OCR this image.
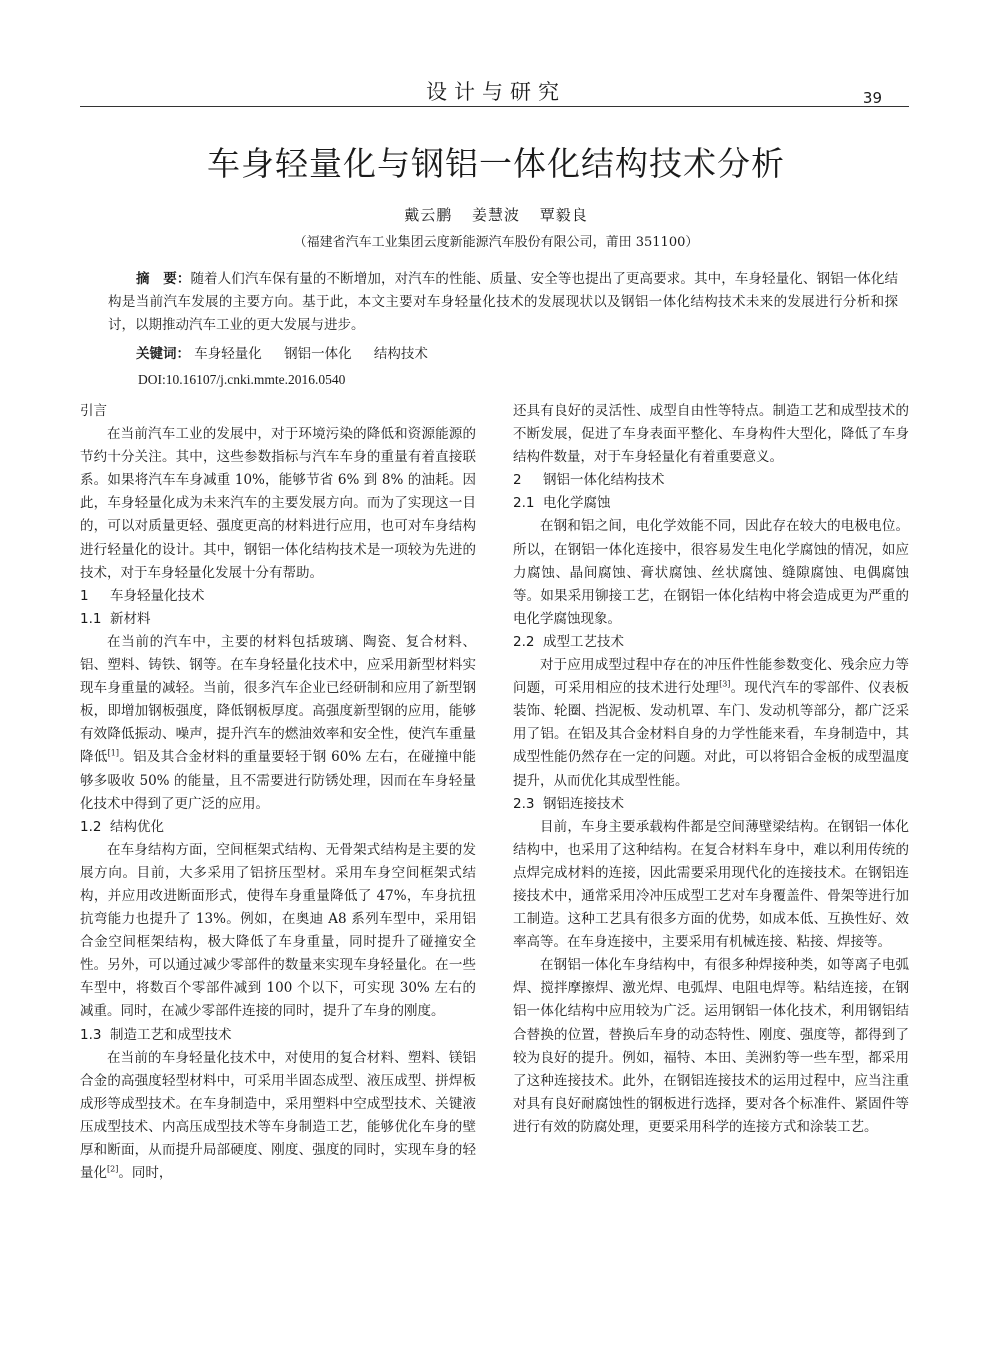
设计与研究	39
车身轻量化与钢铝一体化结构技术分析
戴云鹏 姜慧波 覃毅良
（福建省汽车工业集团云度新能源汽车股份有限公司，莆田 351100）
摘　要：随着人们汽车保有量的不断增加，对汽车的性能、质量、安全等也提出了更高要求。其中，车身轻量化、钢铝一体化结构是当前汽车发展的主要方向。基于此，本文主要对车身轻量化技术的发展现状以及钢铝一体化结构技术未来的发展进行分析和探讨，以期推动汽车工业的更大发展与进步。
关键词： 车身轻量化 钢铝一体化 结构技术
DOI:10.16107/j.cnki.mmte.2016.0540
引言

在当前汽车工业的发展中，对于环境污染的降低和资源能源的节约十分关注。其中，这些参数指标与汽车车身的重量有着直接联系。如果将汽车车身减重 10%，能够节省 6% 到 8% 的油耗。因此，车身轻量化成为未来汽车的主要发展方向。而为了实现这一目的，可以对质量更轻、强度更高的材料进行应用，也可对车身结构进行轻量化的设计。其中，钢铝一体化结构技术是一项较为先进的技术，对于车身轻量化发展十分有帮助。

1 车身轻量化技术
1.1 新材料

在当前的汽车中，主要的材料包括玻璃、陶瓷、复合材料、铝、塑料、铸铁、钢等。在车身轻量化技术中，应采用新型材料实现车身重量的减轻。当前，很多汽车企业已经研制和应用了新型钢板，即增加钢板强度，降低钢板厚度。高强度新型钢的应用，能够有效降低振动、噪声，提升汽车的燃油效率和安全性，使汽车重量降低[1]。铝及其合金材料的重量要轻于钢 60% 左右，在碰撞中能够多吸收 50% 的能量，且不需要进行防锈处理，因而在车身轻量化技术中得到了更广泛的应用。

1.2 结构优化

在车身结构方面，空间框架式结构、无骨架式结构是主要的发展方向。目前，大多采用了铝挤压型材。采用车身空间框架式结构，并应用改进断面形式，使得车身重量降低了 47%，车身抗扭抗弯能力也提升了 13%。例如，在奥迪 A8 系列车型中，采用铝合金空间框架结构，极大降低了车身重量，同时提升了碰撞安全性。另外，可以通过减少零部件的数量来实现车身轻量化。在一些车型中，将数百个零部件减到 100 个以下，可实现 30% 左右的减重。同时，在减少零部件连接的同时，提升了车身的刚度。

1.3 制造工艺和成型技术

在当前的车身轻量化技术中，对使用的复合材料、塑料、镁铝合金的高强度轻型材料中，可采用半固态成型、液压成型、拼焊板成形等成型技术。在车身制造中，采用塑料中空成型技术、关键液压成型技术、内高压成型技术等车身制造工艺，能够优化车身的壁厚和断面，从而提升局部硬度、刚度、强度的同时，实现车身的轻量化[2]。同时，

还具有良好的灵活性、成型自由性等特点。制造工艺和成型技术的不断发展，促进了车身表面平整化、车身构件大型化，降低了车身结构件数量，对于车身轻量化有着重要意义。

2 钢铝一体化结构技术
2.1 电化学腐蚀

在钢和铝之间，电化学效能不同，因此存在较大的电极电位。所以，在钢铝一体化连接中，很容易发生电化学腐蚀的情况，如应力腐蚀、晶间腐蚀、膏状腐蚀、丝状腐蚀、缝隙腐蚀、电偶腐蚀等。如果采用铆接工艺，在钢铝一体化结构中将会造成更为严重的电化学腐蚀现象。

2.2 成型工艺技术

对于应用成型过程中存在的冲压件性能参数变化、残余应力等问题，可采用相应的技术进行处理[3]。现代汽车的零部件、仪表板装饰、轮圈、挡泥板、发动机罩、车门、发动机等部分，都广泛采用了铝。在铝及其合金材料自身的力学性能来看，车身制造中，其成型性能仍然存在一定的问题。对此，可以将铝合金板的成型温度提升，从而优化其成型性能。

2.3 钢铝连接技术

目前，车身主要承载构件都是空间薄壁梁结构。在钢铝一体化结构中，也采用了这种结构。在复合材料车身中，难以利用传统的点焊完成材料的连接，因此需要采用现代化的连接技术。在钢铝连接技术中，通常采用冷冲压成型工艺对车身覆盖件、骨架等进行加工制造。这种工艺具有很多方面的优势，如成本低、互换性好、效率高等。在车身连接中，主要采用有机械连接、粘接、焊接等。

在钢铝一体化车身结构中，有很多种焊接种类，如等离子电弧焊、搅拌摩擦焊、激光焊、电弧焊、电阻电焊等。粘结连接，在钢铝一体化结构中应用较为广泛。运用钢铝一体化技术，利用钢铝结合替换的位置，替换后车身的动态特性、刚度、强度等，都得到了较为良好的提升。例如，福特、本田、美洲豹等一些车型，都采用了这种连接技术。此外，在钢铝连接技术的运用过程中，应当注重对具有良好耐腐蚀性的钢板进行选择，要对各个标准件、紧固件等进行有效的防腐处理，更要采用科学的连接方式和涂装工艺。
